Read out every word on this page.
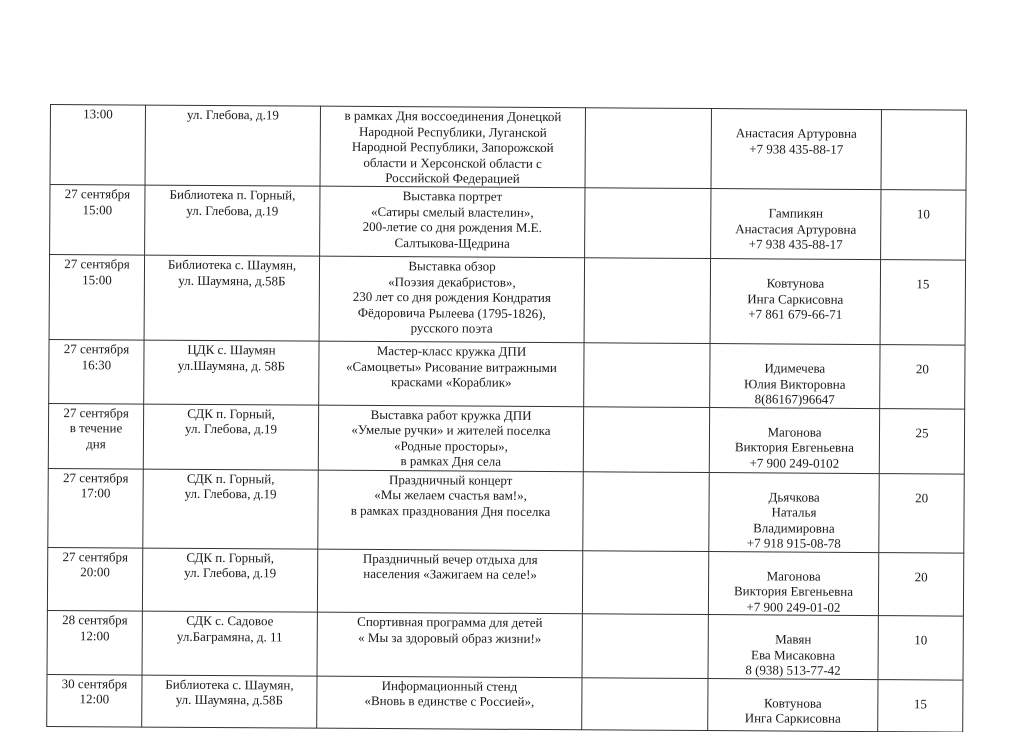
13:00	ул. Глебова, д.19	в рамках Дня воссоединения Донецкой
Народной Республики, Луганской
Народной Республики, Запорожской
области и Херсонской области с
Российской Федерацией		Анастасия Артуровна
+7 938 435-88-17	
27 сентября
15:00	Библиотека п. Горный,
ул. Глебова, д.19	Выставка портрет
«Сатиры смелый властелин»,
200-летие со дня рождения М.Е.
Салтыкова-Щедрина		Гампикян
Анастасия Артуровна
+7 938 435-88-17	10
27 сентября
15:00	Библиотека с. Шаумян,
ул. Шаумяна, д.58Б	Выставка обзор
«Поэзия декабристов»,
230 лет со дня рождения Кондратия
Фёдоровича Рылеева (1795-1826),
русского поэта		Ковтунова
Инга Саркисовна
+7 861 679-66-71	15
27 сентября
16:30	ЦДК с. Шаумян
ул.Шаумяна, д. 58Б	Мастер-класс кружка ДПИ
«Самоцветы» Рисование витражными
красками «Кораблик»		Идимечева
Юлия Викторовна
8(86167)96647	20
27 сентября
в течение
дня	СДК п. Горный,
ул. Глебова, д.19	Выставка работ кружка ДПИ
«Умелые ручки» и жителей поселка
«Родные просторы»,
в рамках Дня села		Магонова
Виктория Евгеньевна
+7 900 249-0102	25
27 сентября
17:00	СДК п. Горный,
ул. Глебова, д.19	Праздничный концерт
«Мы желаем счастья вам!»,
в рамках празднования Дня поселка		Дьячкова
Наталья
Владимировна
+7 918 915-08-78	20
27 сентября
20:00	СДК п. Горный,
ул. Глебова, д.19	Праздничный вечер отдыха для
населения «Зажигаем на селе!»		Магонова
Виктория Евгеньевна
+7 900 249-01-02	20
28 сентября
12:00	СДК с. Садовое
ул.Баграмяна, д. 11	Спортивная программа для детей
« Мы за здоровый образ жизни!»		Мавян
Ева Мисаковна
8 (938) 513-77-42	10
30 сентября
12:00	Библиотека с. Шаумян,
ул. Шаумяна, д.58Б	Информационный стенд
«Вновь в единстве с Россией»,		Ковтунова
Инга Саркисовна	15
